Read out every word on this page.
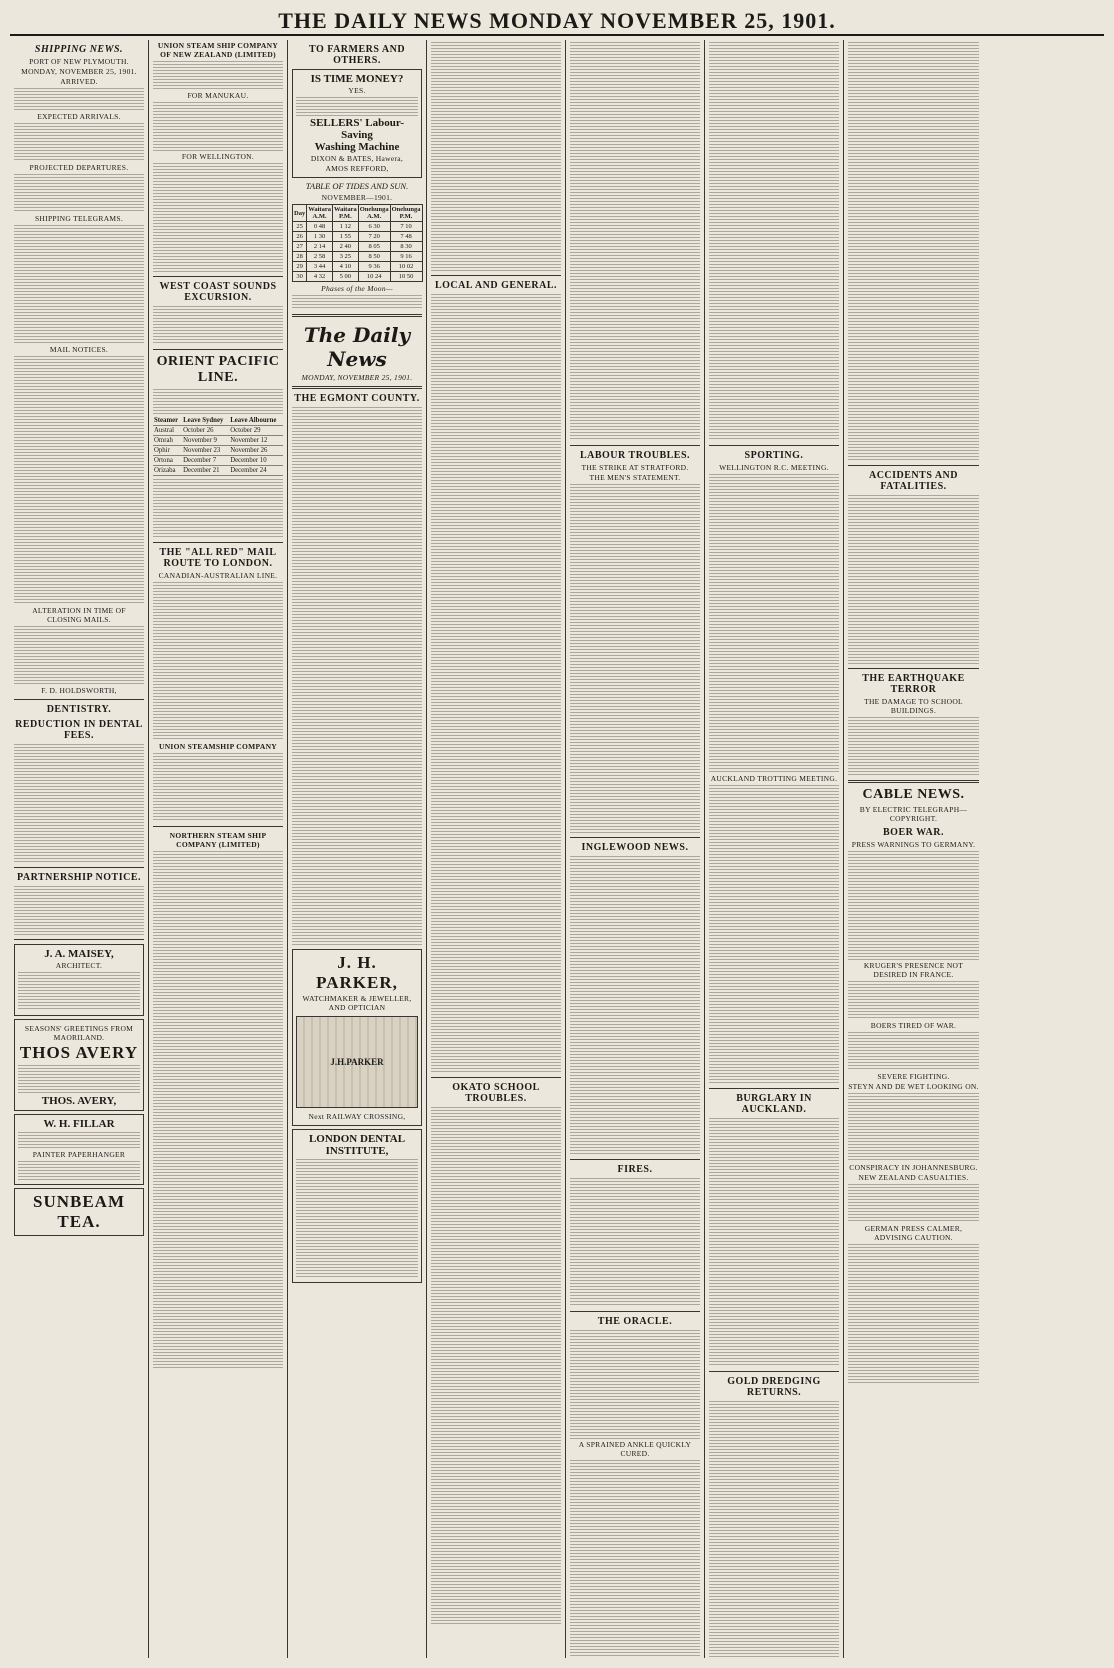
THE DAILY NEWS MONDAY NOVEMBER 25, 1901.
SHIPPING NEWS.
PORT OF NEW PLYMOUTH.
MONDAY, NOVEMBER 25, 1901.
ARRIVED.
EXPECTED ARRIVALS.
PROJECTED DEPARTURES.
SHIPPING TELEGRAMS.
MAIL NOTICES.
ALTERATION IN TIME OF CLOSING MAILS.
F. D. HOLDSWORTH,
DENTISTRY.
REDUCTION IN DENTAL FEES.
PARTNERSHIP NOTICE.
J. A. MAISEY,
ARCHITECT.
SEASONS' GREETINGS FROM MAORILAND.
THOS AVERY
THOS. AVERY,
W. H. FILLAR
PAINTER PAPERHANGER
SUNBEAM
TEA.
UNION STEAM SHIP COMPANY OF NEW ZEALAND (LIMITED)
FOR MANUKAU.
FOR WELLINGTON.
WEST COAST SOUNDS EXCURSION.
ORIENT PACIFIC LINE.
Steamer	Leave Sydney	Leave Albourne
Austral	October 26	October 29
Omrah	November 9	November 12
Ophir	November 23	November 26
Ortona	December 7	December 10
Orizaba	December 21	December 24
THE "ALL RED" MAIL ROUTE TO LONDON.
CANADIAN-AUSTRALIAN LINE.
UNION STEAMSHIP COMPANY
NORTHERN STEAM SHIP COMPANY (LIMITED)
TO FARMERS AND OTHERS.
IS TIME MONEY?
YES.
SELLERS' Labour-Saving
Washing Machine
DIXON & BATES, Hawera,
AMOS REFFORD,
TABLE OF TIDES AND SUN.
NOVEMBER—1901.
Day	Waitara A.M.	Waitara P.M.	Onehunga A.M.	Onehunga P.M.
25	0 48	1 12	6 30	7 10
26	1 30	1 55	7 20	7 48
27	2 14	2 40	8 05	8 30
28	2 58	3 25	8 50	9 16
29	3 44	4 10	9 36	10 02
30	4 32	5 00	10 24	10 50
Phases of the Moon—
The Daily News
MONDAY, NOVEMBER 25, 1901.
THE EGMONT COUNTY.
J. H. PARKER,
WATCHMAKER & JEWELLER, AND OPTICIAN
J.H.PARKER
Next RAILWAY CROSSING,
LONDON DENTAL INSTITUTE,
LOCAL AND GENERAL.
OKATO SCHOOL TROUBLES.
LABOUR TROUBLES.
THE STRIKE AT STRATFORD.
THE MEN'S STATEMENT.
INGLEWOOD NEWS.
FIRES.
THE ORACLE.
A SPRAINED ANKLE QUICKLY CURED.
SPORTING.
WELLINGTON R.C. MEETING.
AUCKLAND TROTTING MEETING.
BURGLARY IN AUCKLAND.
GOLD DREDGING RETURNS.
ACCIDENTS AND FATALITIES.
THE EARTHQUAKE TERROR
THE DAMAGE TO SCHOOL BUILDINGS.
CABLE NEWS.
BY ELECTRIC TELEGRAPH—COPYRIGHT.
BOER WAR.
PRESS WARNINGS TO GERMANY.
KRUGER'S PRESENCE NOT DESIRED IN FRANCE.
BOERS TIRED OF WAR.
SEVERE FIGHTING.
STEYN AND DE WET LOOKING ON.
CONSPIRACY IN JOHANNESBURG.
NEW ZEALAND CASUALTIES.
GERMAN PRESS CALMER, ADVISING CAUTION.
